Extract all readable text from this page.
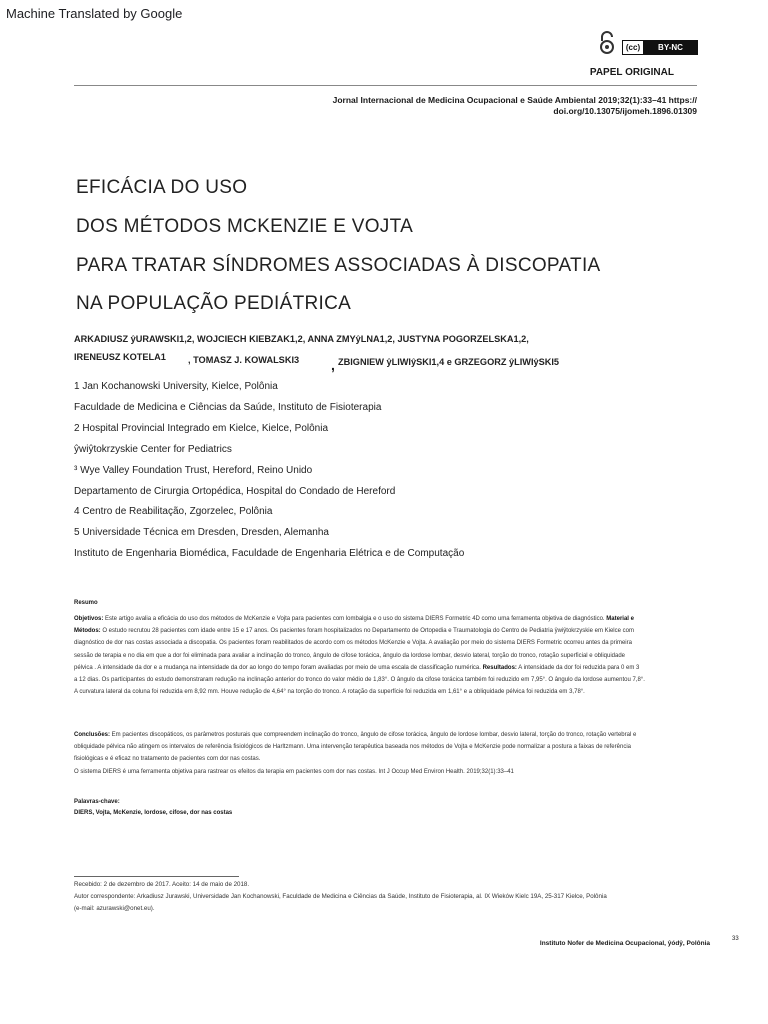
Machine Translated by Google
(cc)	BY-NC
PAPEL ORIGINAL
Jornal Internacional de Medicina Ocupacional e Saúde Ambiental 2019;32(1):33–41 https://
doi.org/10.13075/ijomeh.1896.01309
EFICÁCIA DO USO
DOS MÉTODOS MCKENZIE E VOJTA
PARA TRATAR SÍNDROMES ASSOCIADAS À DISCOPATIA
NA POPULAÇÃO PEDIÁTRICA
ARKADIUSZ ŷURAWSKI1,2, WOJCIECH KIEBZAK1,2, ANNA ZMYŷLNA1,2, JUSTYNA POGORZELSKA1,2,
IRENEUSZ KOTELA1 , TOMASZ J. KOWALSKI3 , ZBIGNIEW ŷLIWIŷSKI1,4 e GRZEGORZ ŷLIWIŷSKI5
1 Jan Kochanowski University, Kielce, Polônia
Faculdade de Medicina e Ciências da Saúde, Instituto de Fisioterapia
2 Hospital Provincial Integrado em Kielce, Kielce, Polônia
ŷwiŷtokrzyskie Center for Pediatrics
³ Wye Valley Foundation Trust, Hereford, Reino Unido
Departamento de Cirurgia Ortopédica, Hospital do Condado de Hereford
4 Centro de Reabilitação, Zgorzelec, Polônia
5 Universidade Técnica em Dresden, Dresden, Alemanha
Instituto de Engenharia Biomédica, Faculdade de Engenharia Elétrica e de Computação
Resumo
Objetivos: Este artigo avalia a eficácia do uso dos métodos de McKenzie e Vojta para pacientes com lombalgia e o uso do sistema DIERS Formetric 4D como uma ferramenta objetiva de diagnóstico. Material e
Métodos: O estudo recrutou 28 pacientes com idade entre 15 e 17 anos. Os pacientes foram hospitalizados no Departamento de Ortopedia e Traumatologia do Centro de Pediatria ŷwiŷtokrzyskie em Kielce com
diagnóstico de dor nas costas associada a discopatia. Os pacientes foram reabilitados de acordo com os métodos McKenzie e Vojta. A avaliação por meio do sistema DIERS Formetric ocorreu antes da primeira
sessão de terapia e no dia em que a dor foi eliminada para avaliar a inclinação do tronco, ângulo de cifose torácica, ângulo da lordose lombar, desvio lateral, torção do tronco, rotação superficial e obliquidade
pélvica . A intensidade da dor e a mudança na intensidade da dor ao longo do tempo foram avaliadas por meio de uma escala de classificação numérica. Resultados: A intensidade da dor foi reduzida para 0 em 3
a 12 dias. Os participantes do estudo demonstraram redução na inclinação anterior do tronco do valor médio de 1,83°. O ângulo da cifose torácica também foi reduzido em 7,95°. O ângulo da lordose aumentou 7,8°.
A curvatura lateral da coluna foi reduzida em 8,92 mm. Houve redução de 4,64° na torção do tronco. A rotação da superfície foi reduzida em 1,61° e a obliquidade pélvica foi reduzida em 3,78°.
Conclusões: Em pacientes discopáticos, os parâmetros posturais que compreendem inclinação do tronco, ângulo de cifose torácica, ângulo de lordose lombar, desvio lateral, torção do tronco, rotação vertebral e
obliquidade pélvica não atingem os intervalos de referência fisiológicos de Harltzmann. Uma intervenção terapêutica baseada nos métodos de Vojta e McKenzie pode normalizar a postura a faixas de referência
fisiológicas e é eficaz no tratamento de pacientes com dor nas costas.
O sistema DIERS é uma ferramenta objetiva para rastrear os efeitos da terapia em pacientes com dor nas costas. Int J Occup Med Environ Health. 2019;32(1):33–41
Palavras-chave:
DIERS, Vojta, McKenzie, lordose, cifose, dor nas costas
Recebido: 2 de dezembro de 2017. Aceito: 14 de maio de 2018.
Autor correspondente: Arkadiusz Jurawski, Universidade Jan Kochanowski, Faculdade de Medicina e Ciências da Saúde, Instituto de Fisioterapia, al. IX Wieków Kielc 19A, 25-317 Kielce, Polônia
(e-mail: azurawski@onet.eu).
Instituto Nofer de Medicina Ocupacional, ŷódŷ, Polônia
33
